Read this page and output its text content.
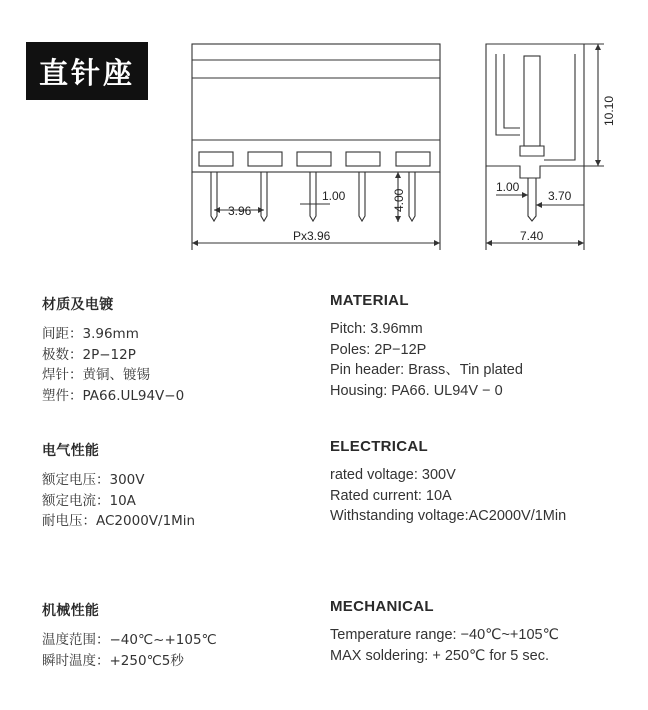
直针座
3.96
1.00	4.00
Px3.96
10.10
1.00
3.70
7.40
材质及电镀
间距：3.96mm
极数：2P−12P
焊针：黄铜、镀锡
塑件：PA66.UL94V−0
MATERIAL
Pitch: 3.96mm
Poles: 2P−12P
Pin header: Brass、Tin plated
Housing: PA66. UL94V − 0
电气性能
额定电压：300V
额定电流：10A
耐电压：AC2000V/1Min
ELECTRICAL
rated voltage: 300V
Rated current: 10A
Withstanding voltage:AC2000V/1Min
机械性能
温度范围：−40℃~+105℃
瞬时温度：+250℃5秒
MECHANICAL
Temperature range: −40℃~+105℃
MAX soldering: + 250℃ for 5 sec.
